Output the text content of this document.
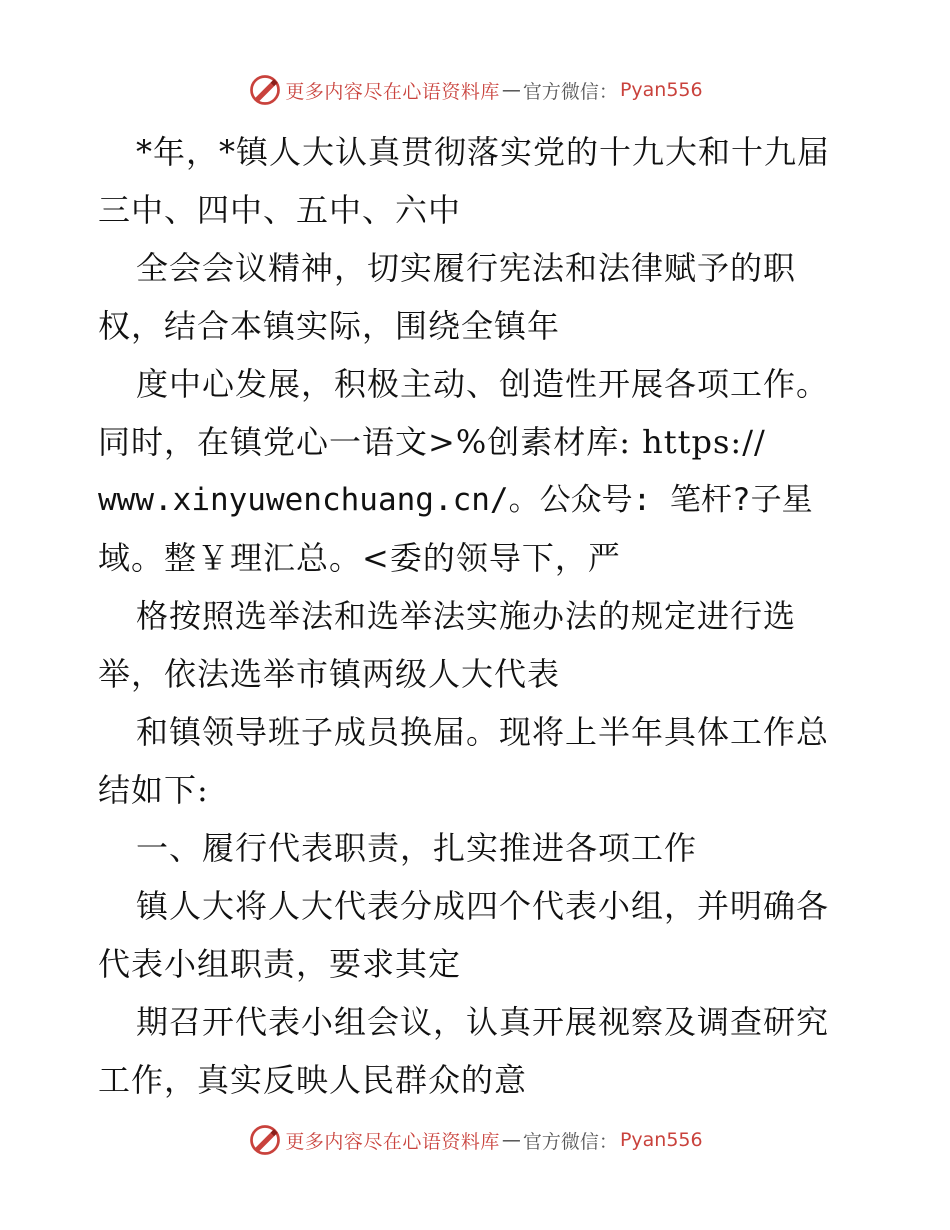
更多内容尽在心语资料库 — 官方微信： Pyan556
*年，*镇人大认真贯彻落实党的十九大和十九届
三中、四中、五中、六中
全会会议精神，切实履行宪法和法律赋予的职
权，结合本镇实际，围绕全镇年
度中心发展，积极主动、创造性开展各项工作。
同时，在镇党心一语文>%创素材库: https://
www.xinyuwenchuang.cn/。公众号: 笔杆?子星
域。整￥理汇总。<委的领导下，严
格按照选举法和选举法实施办法的规定进行选
举，依法选举市镇两级人大代表
和镇领导班子成员换届。现将上半年具体工作总
结如下:
一、履行代表职责，扎实推进各项工作
镇人大将人大代表分成四个代表小组，并明确各
代表小组职责，要求其定
期召开代表小组会议，认真开展视察及调查研究
工作，真实反映人民群众的意
更多内容尽在心语资料库 — 官方微信： Pyan556
